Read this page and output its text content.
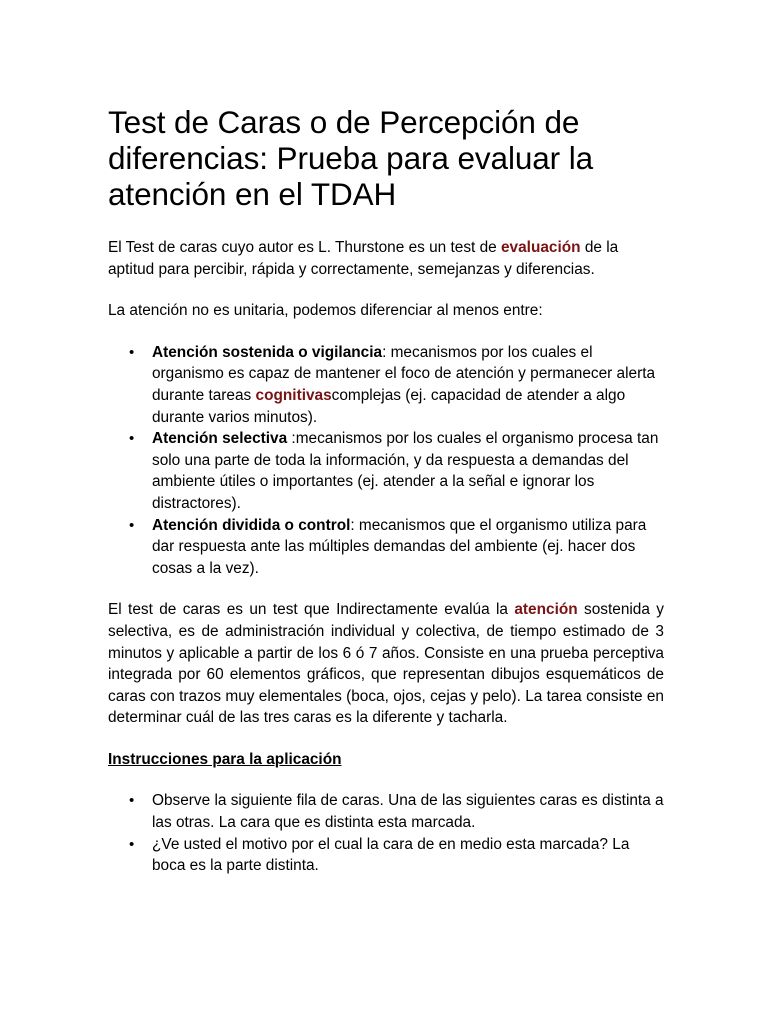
Test de Caras o de Percepción de diferencias: Prueba para evaluar la atención en el TDAH

El Test de caras cuyo autor es L. Thurstone es un test de evaluación de la aptitud para percibir, rápida y correctamente, semejanzas y diferencias.

La atención no es unitaria, podemos diferenciar al menos entre:

• Atención sostenida o vigilancia: mecanismos por los cuales el organismo es capaz de mantener el foco de atención y permanecer alerta durante tareas cognitivascomplejas (ej. capacidad de atender a algo durante varios minutos).
• Atención selectiva :mecanismos por los cuales el organismo procesa tan solo una parte de toda la información, y da respuesta a demandas del ambiente útiles o importantes (ej. atender a la señal e ignorar los distractores).
• Atención dividida o control: mecanismos que el organismo utiliza para dar respuesta ante las múltiples demandas del ambiente (ej. hacer dos cosas a la vez).

El test de caras es un test que Indirectamente evalúa la atención sostenida y selectiva, es de administración individual y colectiva, de tiempo estimado de 3 minutos y aplicable a partir de los 6 ó 7 años. Consiste en una prueba perceptiva integrada por 60 elementos gráficos, que representan dibujos esquemáticos de caras con trazos muy elementales (boca, ojos, cejas y pelo). La tarea consiste en determinar cuál de las tres caras es la diferente y tacharla.

Instrucciones para la aplicación

• Observe la siguiente fila de caras. Una de las siguientes caras es distinta a las otras. La cara que es distinta esta marcada.
• ¿Ve usted el motivo por el cual la cara de en medio esta marcada? La boca es la parte distinta.
